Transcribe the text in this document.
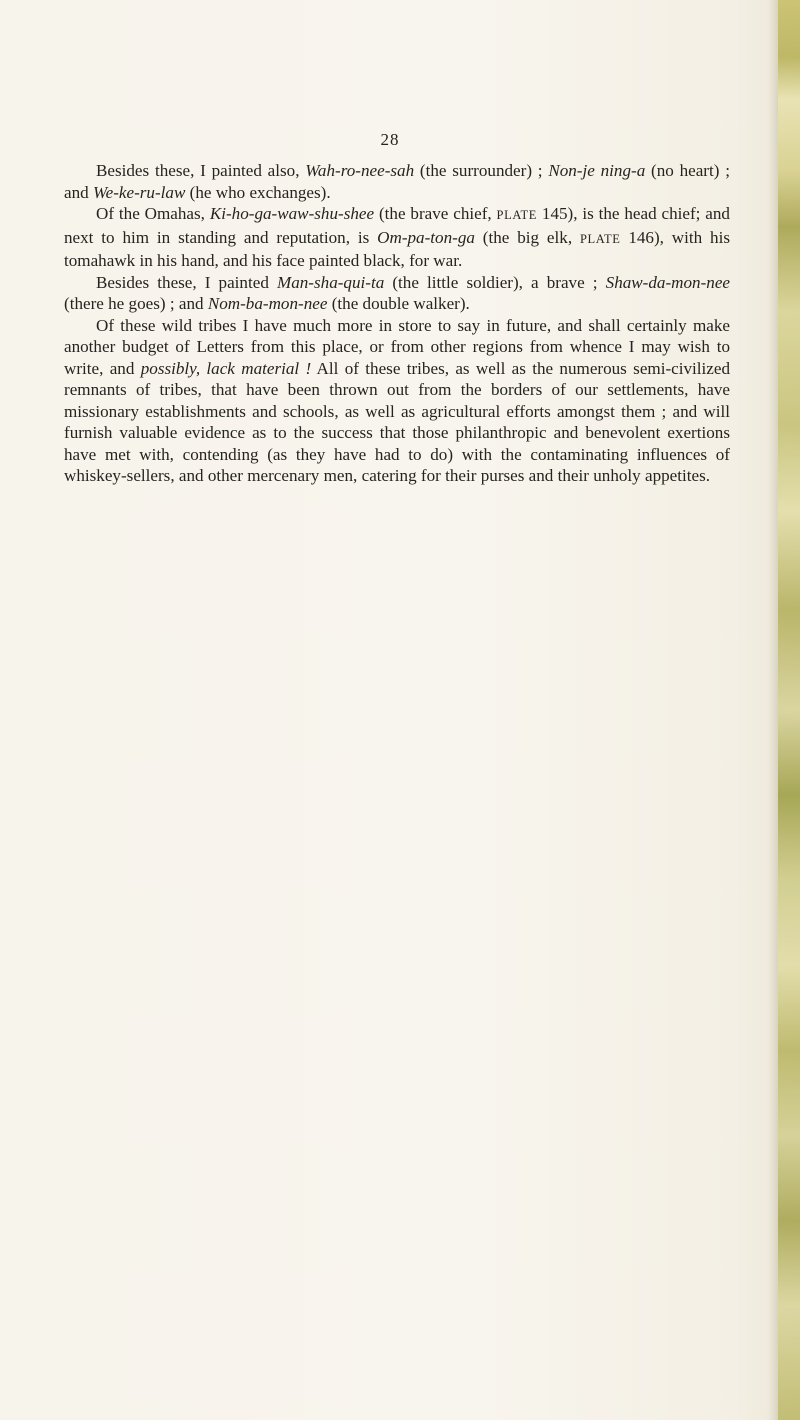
28

Besides these, I painted also, Wah-ro-nee-sah (the surrounder) ; Non-je ning-a (no heart) ; and We-ke-ru-law (he who exchanges).

Of the Omahas, Ki-ho-ga-waw-shu-shee (the brave chief, PLATE 145), is the head chief; and next to him in standing and reputation, is Om-pa-ton-ga (the big elk, PLATE 146), with his tomahawk in his hand, and his face painted black, for war.

Besides these, I painted Man-sha-qui-ta (the little soldier), a brave ; Shaw-da-mon-nee (there he goes) ; and Nom-ba-mon-nee (the double walker).

Of these wild tribes I have much more in store to say in future, and shall certainly make another budget of Letters from this place, or from other regions from whence I may wish to write, and possibly, lack material ! All of these tribes, as well as the numerous semi-civilized remnants of tribes, that have been thrown out from the borders of our settlements, have missionary establishments and schools, as well as agricultural efforts amongst them ; and will furnish valuable evidence as to the success that those philanthropic and benevolent exertions have met with, contending (as they have had to do) with the contaminating influences of whiskey-sellers, and other mercenary men, catering for their purses and their unholy appetites.
